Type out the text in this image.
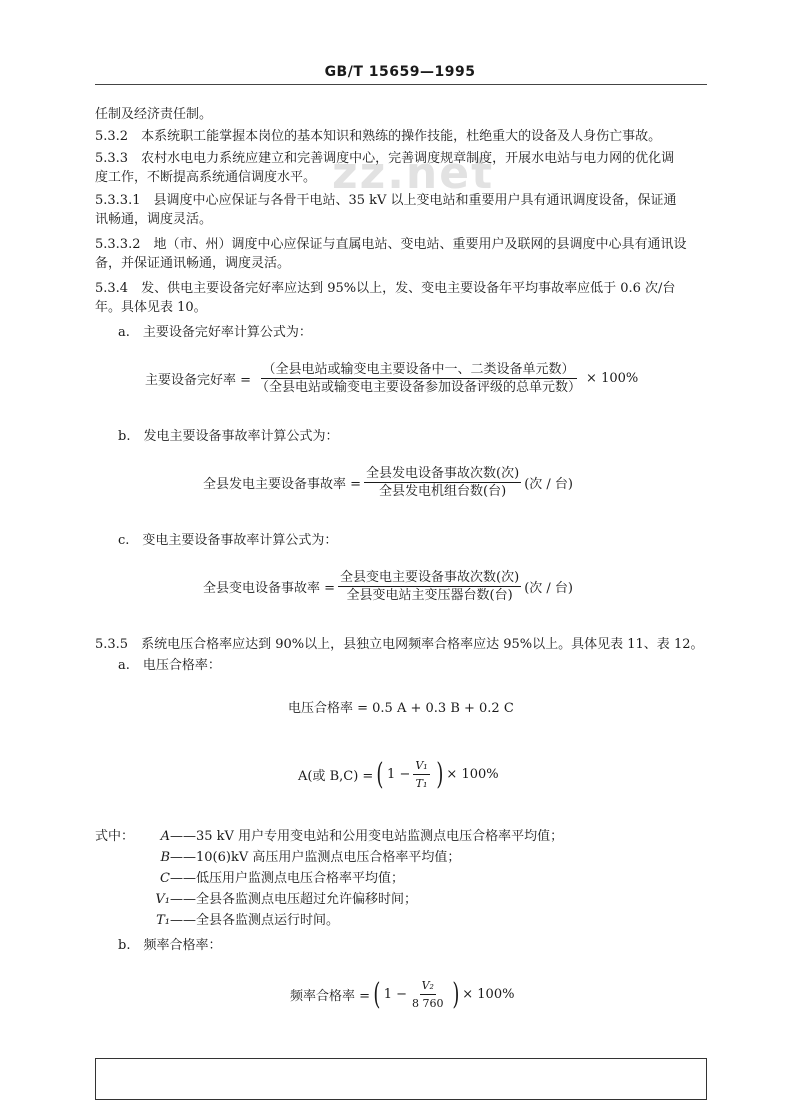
GB/T 15659—1995
zz.net
任制及经济责任制。
5.3.2　本系统职工能掌握本岗位的基本知识和熟练的操作技能，杜绝重大的设备及人身伤亡事故。
5.3.3　农村水电电力系统应建立和完善调度中心，完善调度规章制度，开展水电站与电力网的优化调
度工作，不断提高系统通信调度水平。
5.3.3.1　县调度中心应保证与各骨干电站、35 kV 以上变电站和重要用户具有通讯调度设备，保证通
讯畅通，调度灵活。
5.3.3.2　地（市、州）调度中心应保证与直属电站、变电站、重要用户及联网的县调度中心具有通讯设
备，并保证通讯畅通，调度灵活。
5.3.4　发、供电主要设备完好率应达到 95%以上，发、变电主要设备年平均事故率应低于 0.6 次/台
年。具体见表 10。
a.　主要设备完好率计算公式为：
主要设备完好率 = $\frac{\text{（全县电站或输变电主要设备中一、二类设备单元数）}}{\text{（全县电站或输变电主要设备参加设备评级的总单元数）}} \times 100\%$
b.　发电主要设备事故率计算公式为：
全县发电主要设备事故率 = $\frac{\text{全县发电设备事故次数(次)}}{\text{全县发电机组台数(台)}}$ (次 / 台)
c.　变电主要设备事故率计算公式为：
全县变电设备事故率 = $\frac{\text{全县变电主要设备事故次数(次)}}{\text{全县变电站主变压器台数(台)}}$ (次 / 台)
5.3.5　系统电压合格率应达到 90%以上，县独立电网频率合格率应达 95%以上。具体见表 11、表 12。
a.　电压合格率：
电压合格率 = 0.5 A + 0.3 B + 0.2 C
A(或 B,C) = ( $1 - \frac{\text{V₁}}{\text{T₁}}$ ) × 100%
式中：	A——35 kV 用户专用变电站和公用变电站监测点电压合格率平均值；
B——10(6)kV 高压用户监测点电压合格率平均值；
C——低压用户监测点电压合格率平均值；
V₁——全县各监测点电压超过允许偏移时间；
T₁——全县各监测点运行时间。
b.　频率合格率：
频率合格率 = ( $1 - \frac{\text{V₂}}{8 760}$ ) × 100%
